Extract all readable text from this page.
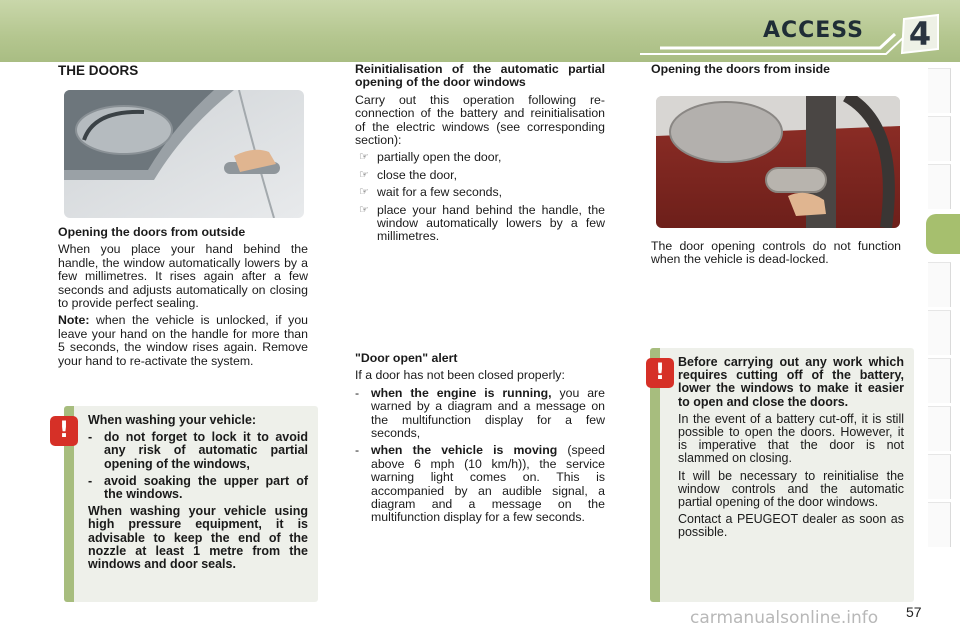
ACCESS	4
THE DOORS

Opening the doors from outside

When you place your hand behind the handle, the window automatically lowers by a few millimetres. It rises again after a few seconds and adjusts automatically on closing to provide perfect sealing.

Note: when the vehicle is unlocked, if you leave your hand on the handle for more than 5 seconds, the window rises again. Remove your hand to re-activate the system.

When washing your vehicle:

- do not forget to lock it to avoid any risk of automatic partial opening of the windows,
- avoid soaking the upper part of the windows.

When washing your vehicle using high pressure equipment, it is advisable to keep the end of the nozzle at least 1 metre from the windows and door seals.

!

Reinitialisation of the automatic partial opening of the door windows

Carry out this operation following re-connection of the battery and reinitialisation of the electric windows (see corresponding section):

☞ partially open the door,
☞ close the door,
☞ wait for a few seconds,
☞ place your hand behind the handle, the window automatically lowers by a few millimetres.

"Door open" alert

If a door has not been closed properly:

- when the engine is running, you are warned by a diagram and a message on the multifunction display for a few seconds,
- when the vehicle is moving (speed above 6 mph (10 km/h)), the service warning light comes on. This is accompanied by an audible signal, a diagram and a message on the multifunction display for a few seconds.

Opening the doors from inside

The door opening controls do not function when the vehicle is dead-locked.

Before carrying out any work which requires cutting off of the battery, lower the windows to make it easier to open and close the doors.

In the event of a battery cut-off, it is still possible to open the doors. However, it is imperative that the door is not slammed on closing.

It will be necessary to reinitialise the window controls and the automatic partial opening of the door windows.

Contact a PEUGEOT dealer as soon as possible.

!
carmanualsonline.info 57
